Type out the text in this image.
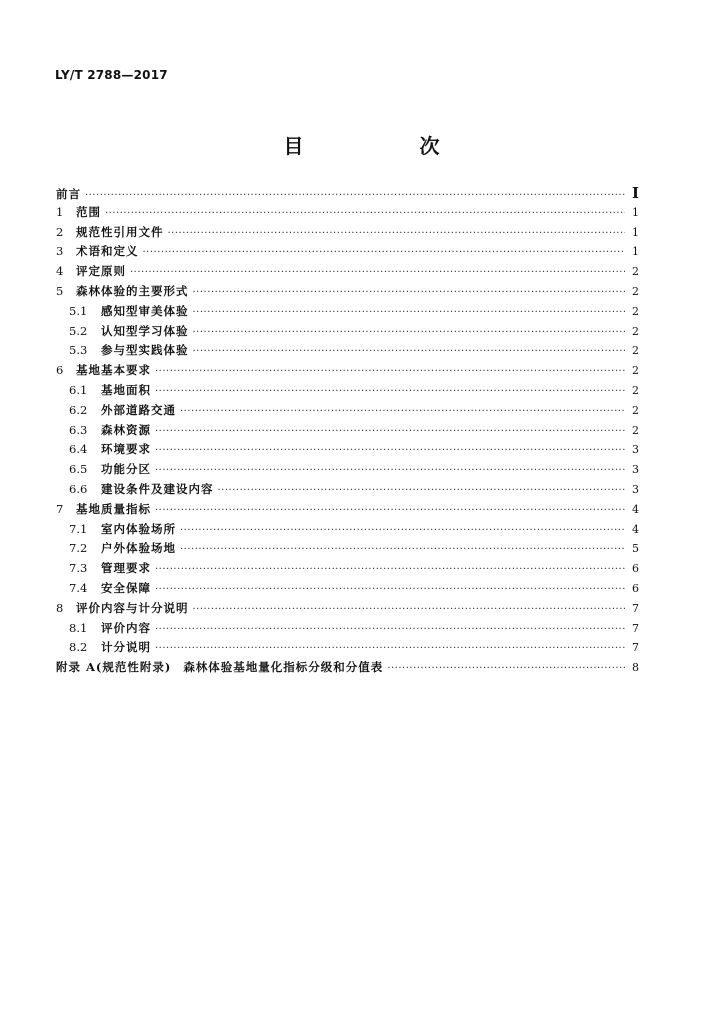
LY/T 2788—2017
目　次
前言 ·····	I
1	范围 ·····	1
2	规范性引用文件 ·····	1
3	术语和定义 ·····	1
4	评定原则 ·····	2
5	森林体验的主要形式 ·····	2
5.1	感知型审美体验 ·····	2
5.2	认知型学习体验 ·····	2
5.3	参与型实践体验 ·····	2
6	基地基本要求 ·····	2
6.1	基地面积 ·····	2
6.2	外部道路交通 ·····	2
6.3	森林资源 ·····	2
6.4	环境要求 ·····	3
6.5	功能分区 ·····	3
6.6	建设条件及建设内容 ·····	3
7	基地质量指标 ·····	4
7.1	室内体验场所 ·····	4
7.2	户外体验场地 ·····	5
7.3	管理要求 ·····	6
7.4	安全保障 ·····	6
8	评价内容与计分说明 ·····	7
8.1	评价内容 ·····	7
8.2	计分说明 ·····	7
附录 A(规范性附录) 森林体验基地量化指标分级和分值表 ·····	8
